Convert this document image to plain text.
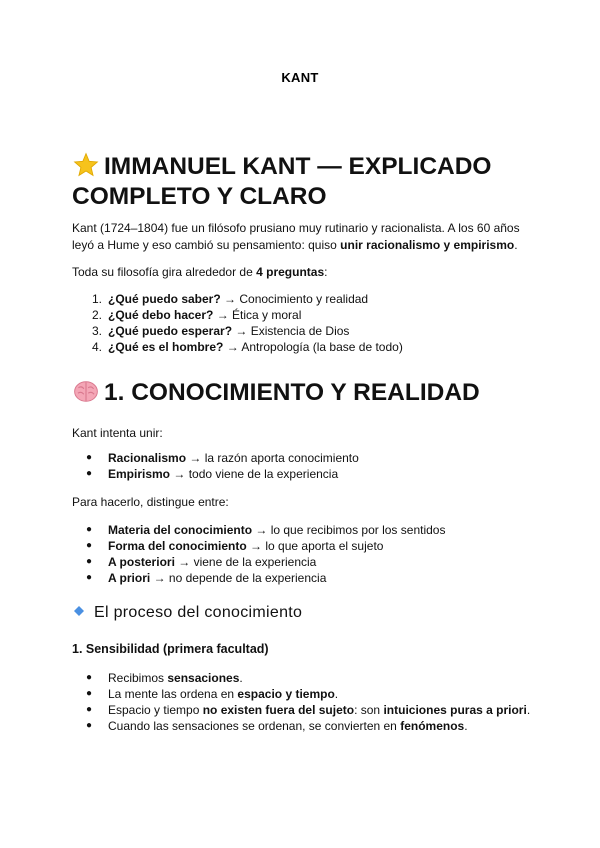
KANT
IMMANUEL KANT — EXPLICADO COMPLETO Y CLARO

Kant (1724–1804) fue un filósofo prusiano muy rutinario y racionalista. A los 60 años leyó a Hume y eso cambió su pensamiento: quiso unir racionalismo y empirismo.

Toda su filosofía gira alrededor de 4 preguntas:

1. ¿Qué puedo saber? → Conocimiento y realidad
2. ¿Qué debo hacer? → Ética y moral
3. ¿Qué puedo esperar? → Existencia de Dios
4. ¿Qué es el hombre? → Antropología (la base de todo)
1. CONOCIMIENTO Y REALIDAD

Kant intenta unir:

●	Racionalismo → la razón aporta conocimiento
●	Empirismo → todo viene de la experiencia

Para hacerlo, distingue entre:

●	Materia del conocimiento → lo que recibimos por los sentidos
●	Forma del conocimiento → lo que aporta el sujeto
●	A posteriori → viene de la experiencia
●	A priori → no depende de la experiencia
El proceso del conocimiento
1. Sensibilidad (primera facultad)
●	Recibimos sensaciones.
●	La mente las ordena en espacio y tiempo.
●	Espacio y tiempo no existen fuera del sujeto: son intuiciones puras a priori.
●	Cuando las sensaciones se ordenan, se convierten en fenómenos.
